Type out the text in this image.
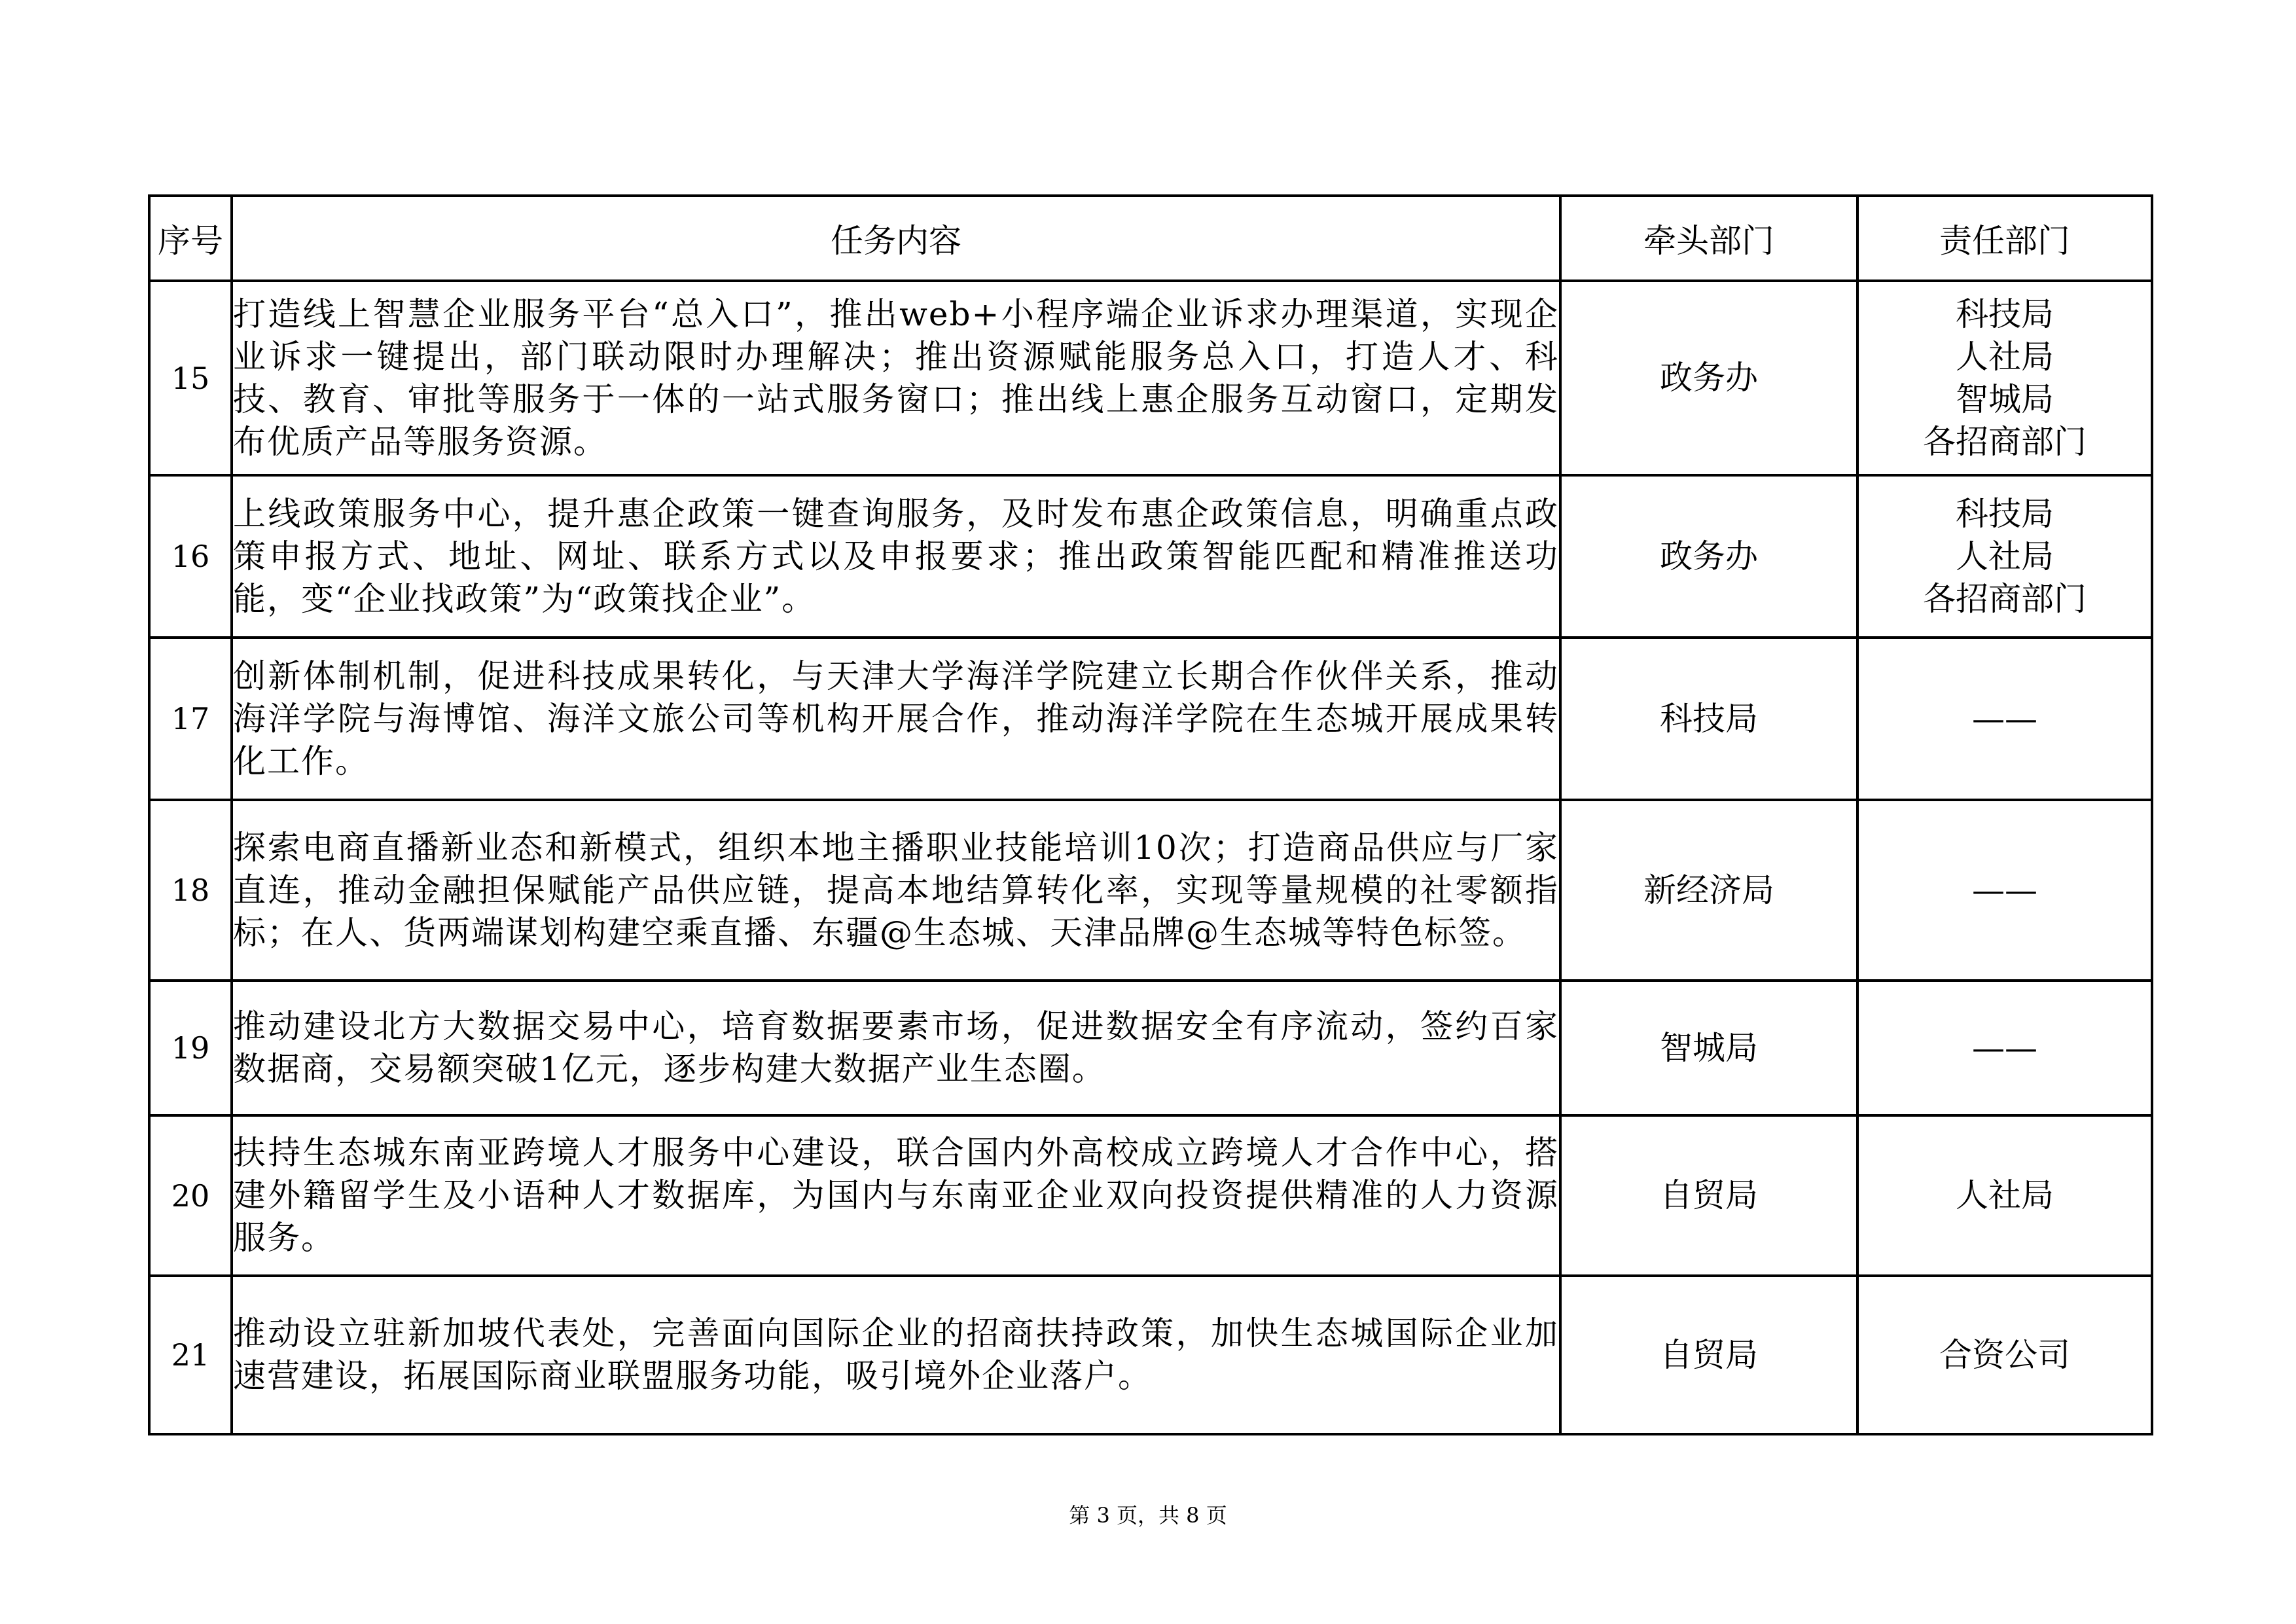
序号	任务内容	牵头部门	责任部门
15	打造线上智慧企业服务平台“总入口”，推出web+小程序端企业诉求办理渠道，实现企业诉求一键提出，部门联动限时办理解决；推出资源赋能服务总入口，打造人才、科技、教育、审批等服务于一体的一站式服务窗口；推出线上惠企服务互动窗口，定期发布优质产品等服务资源。	政务办	科技局
人社局
智城局
各招商部门

16	上线政策服务中心，提升惠企政策一键查询服务，及时发布惠企政策信息，明确重点政策申报方式、地址、网址、联系方式以及申报要求；推出政策智能匹配和精准推送功能，变“企业找政策”为“政策找企业”。	政务办	科技局
人社局
各招商部门

17	创新体制机制，促进科技成果转化，与天津大学海洋学院建立长期合作伙伴关系，推动海洋学院与海博馆、海洋文旅公司等机构开展合作，推动海洋学院在生态城开展成果转化工作。	科技局	——

18	探索电商直播新业态和新模式，组织本地主播职业技能培训10次；打造商品供应与厂家直连，推动金融担保赋能产品供应链，提高本地结算转化率，实现等量规模的社零额指标；在人、货两端谋划构建空乘直播、东疆@生态城、天津品牌@生态城等特色标签。	新经济局	——

19	推动建设北方大数据交易中心，培育数据要素市场，促进数据安全有序流动，签约百家数据商，交易额突破1亿元，逐步构建大数据产业生态圈。	智城局	——

20	扶持生态城东南亚跨境人才服务中心建设，联合国内外高校成立跨境人才合作中心，搭建外籍留学生及小语种人才数据库，为国内与东南亚企业双向投资提供精准的人力资源服务。	自贸局	人社局

21	推动设立驻新加坡代表处，完善面向国际企业的招商扶持政策，加快生态城国际企业加速营建设，拓展国际商业联盟服务功能，吸引境外企业落户。	自贸局	合资公司
第 3 页，共 8 页
